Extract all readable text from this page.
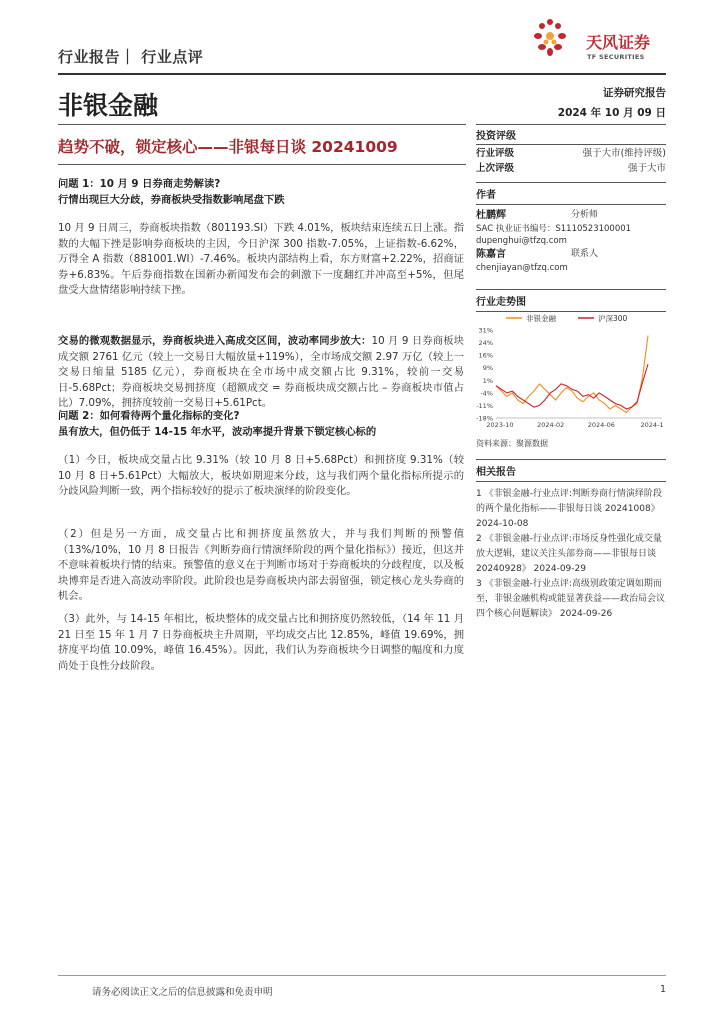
行业报告｜ 行业点评
天风证券
TF SECURITIES
非银金融	证券研究报告
2024 年 10 月 09 日
趋势不破，锁定核心——非银每日谈 20241009

问题 1：10 月 9 日券商走势解读?

行情出现巨大分歧，券商板块受指数影响尾盘下跌

10 月 9 日周三，券商板块指数（801193.SI）下跌 4.01%，板块结束连续五日上涨。指数的大幅下挫是影响券商板块的主因，今日沪深 300 指数-7.05%，上证指数-6.62%，万得全 A 指数（881001.WI）-7.46%。板块内部结构上看，东方财富+2.22%，招商证券+6.83%。午后券商指数在国新办新闻发布会的刺激下一度翻红并冲高至+5%，但尾盘受大盘情绪影响持续下挫。

交易的微观数据显示，券商板块进入高成交区间，波动率同步放大：10 月 9 日券商板块成交额 2761 亿元（较上一交易日大幅放量+119%），全市场成交额 2.97 万亿（较上一交易日缩量 5185 亿元），券商板块在全市场中成交额占比 9.31%，较前一交易日-5.68Pct；券商板块交易拥挤度（超额成交 = 券商板块成交额占比 – 券商板块市值占比）7.09%，拥挤度较前一交易日+5.61Pct。

问题 2：如何看待两个量化指标的变化?

虽有放大，但仍低于 14-15 年水平，波动率提升背景下锁定核心标的

（1）今日，板块成交量占比 9.31%（较 10 月 8 日+5.68Pct）和拥挤度 9.31%（较 10 月 8 日+5.61Pct）大幅放大，板块如期迎来分歧，这与我们两个量化指标所提示的分歧风险判断一致，两个指标较好的提示了板块演绎的阶段变化。
（2）但是另一方面，成交量占比和拥挤度虽然放大，并与我们判断的预警值（13%/10%，10 月 8 日报告《判断券商行情演绎阶段的两个量化指标》）接近，但这并不意味着板块行情的结束。预警值的意义在于判断市场对于券商板块的分歧程度，以及板块博弈是否进入高波动率阶段。此阶段也是券商板块内部去弱留强，锁定核心龙头券商的机会。
（3）此外，与 14-15 年相比，板块整体的成交量占比和拥挤度仍然较低，（14 年 11 月 21 日至 15 年 1 月 7 日券商板块主升周期，平均成交占比 12.85%，峰值 19.69%，拥挤度平均值 10.09%，峰值 16.45%）。因此，我们认为券商板块今日调整的幅度和力度尚处于良性分歧阶段。
投资评级
行业评级	强于大市(维持评级)
上次评级	强于大市
作者
杜鹏辉	分析师
SAC 执业证书编号：S1110523100001
dupenghui@tfzq.com
陈嘉言	联系人
chenjiayan@tfzq.com
行业走势图
非银金融	沪深300
31%
24%
16%
9%
1%
-4%
-11%
-18%
2023-10	2024-02	2024-06	2024-1
资料来源：聚源数据
相关报告
1 《非银金融-行业点评:判断券商行情演绎阶段的两个量化指标——非银每日谈 20241008》 2024-10-08
2 《非银金融-行业点评:市场反身性强化成交量放大逻辑，建议关注头部券商——非银每日谈 20240928》 2024-09-29
3 《非银金融-行业点评:高级别政策定调如期而至，非银金融机构或能显著获益——政治局会议四个核心问题解读》 2024-09-26
请务必阅读正文之后的信息披露和免责申明	1
